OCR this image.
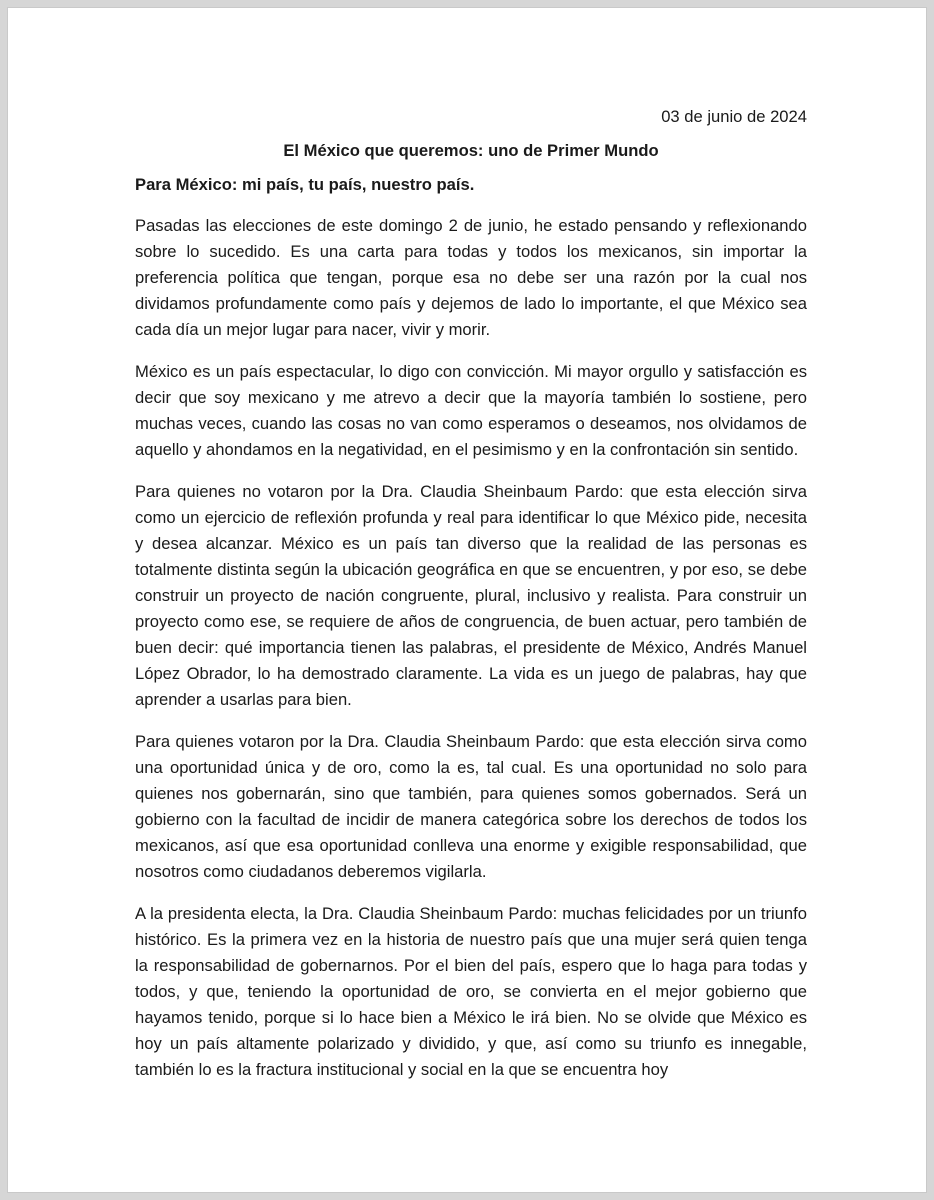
03 de junio de 2024

El México que queremos: uno de Primer Mundo

Para México: mi país, tu país, nuestro país.

Pasadas las elecciones de este domingo 2 de junio, he estado pensando y reflexionando sobre lo sucedido. Es una carta para todas y todos los mexicanos, sin importar la preferencia política que tengan, porque esa no debe ser una razón por la cual nos dividamos profundamente como país y dejemos de lado lo importante, el que México sea cada día un mejor lugar para nacer, vivir y morir.

México es un país espectacular, lo digo con convicción. Mi mayor orgullo y satisfacción es decir que soy mexicano y me atrevo a decir que la mayoría también lo sostiene, pero muchas veces, cuando las cosas no van como esperamos o deseamos, nos olvidamos de aquello y ahondamos en la negatividad, en el pesimismo y en la confrontación sin sentido.

Para quienes no votaron por la Dra. Claudia Sheinbaum Pardo: que esta elección sirva como un ejercicio de reflexión profunda y real para identificar lo que México pide, necesita y desea alcanzar. México es un país tan diverso que la realidad de las personas es totalmente distinta según la ubicación geográfica en que se encuentren, y por eso, se debe construir un proyecto de nación congruente, plural, inclusivo y realista. Para construir un proyecto como ese, se requiere de años de congruencia, de buen actuar, pero también de buen decir: qué importancia tienen las palabras, el presidente de México, Andrés Manuel López Obrador, lo ha demostrado claramente. La vida es un juego de palabras, hay que aprender a usarlas para bien.

Para quienes votaron por la Dra. Claudia Sheinbaum Pardo: que esta elección sirva como una oportunidad única y de oro, como la es, tal cual. Es una oportunidad no solo para quienes nos gobernarán, sino que también, para quienes somos gobernados. Será un gobierno con la facultad de incidir de manera categórica sobre los derechos de todos los mexicanos, así que esa oportunidad conlleva una enorme y exigible responsabilidad, que nosotros como ciudadanos deberemos vigilarla.

A la presidenta electa, la Dra. Claudia Sheinbaum Pardo: muchas felicidades por un triunfo histórico. Es la primera vez en la historia de nuestro país que una mujer será quien tenga la responsabilidad de gobernarnos. Por el bien del país, espero que lo haga para todas y todos, y que, teniendo la oportunidad de oro, se convierta en el mejor gobierno que hayamos tenido, porque si lo hace bien a México le irá bien. No se olvide que México es hoy un país altamente polarizado y dividido, y que, así como su triunfo es innegable, también lo es la fractura institucional y social en la que se encuentra hoy
